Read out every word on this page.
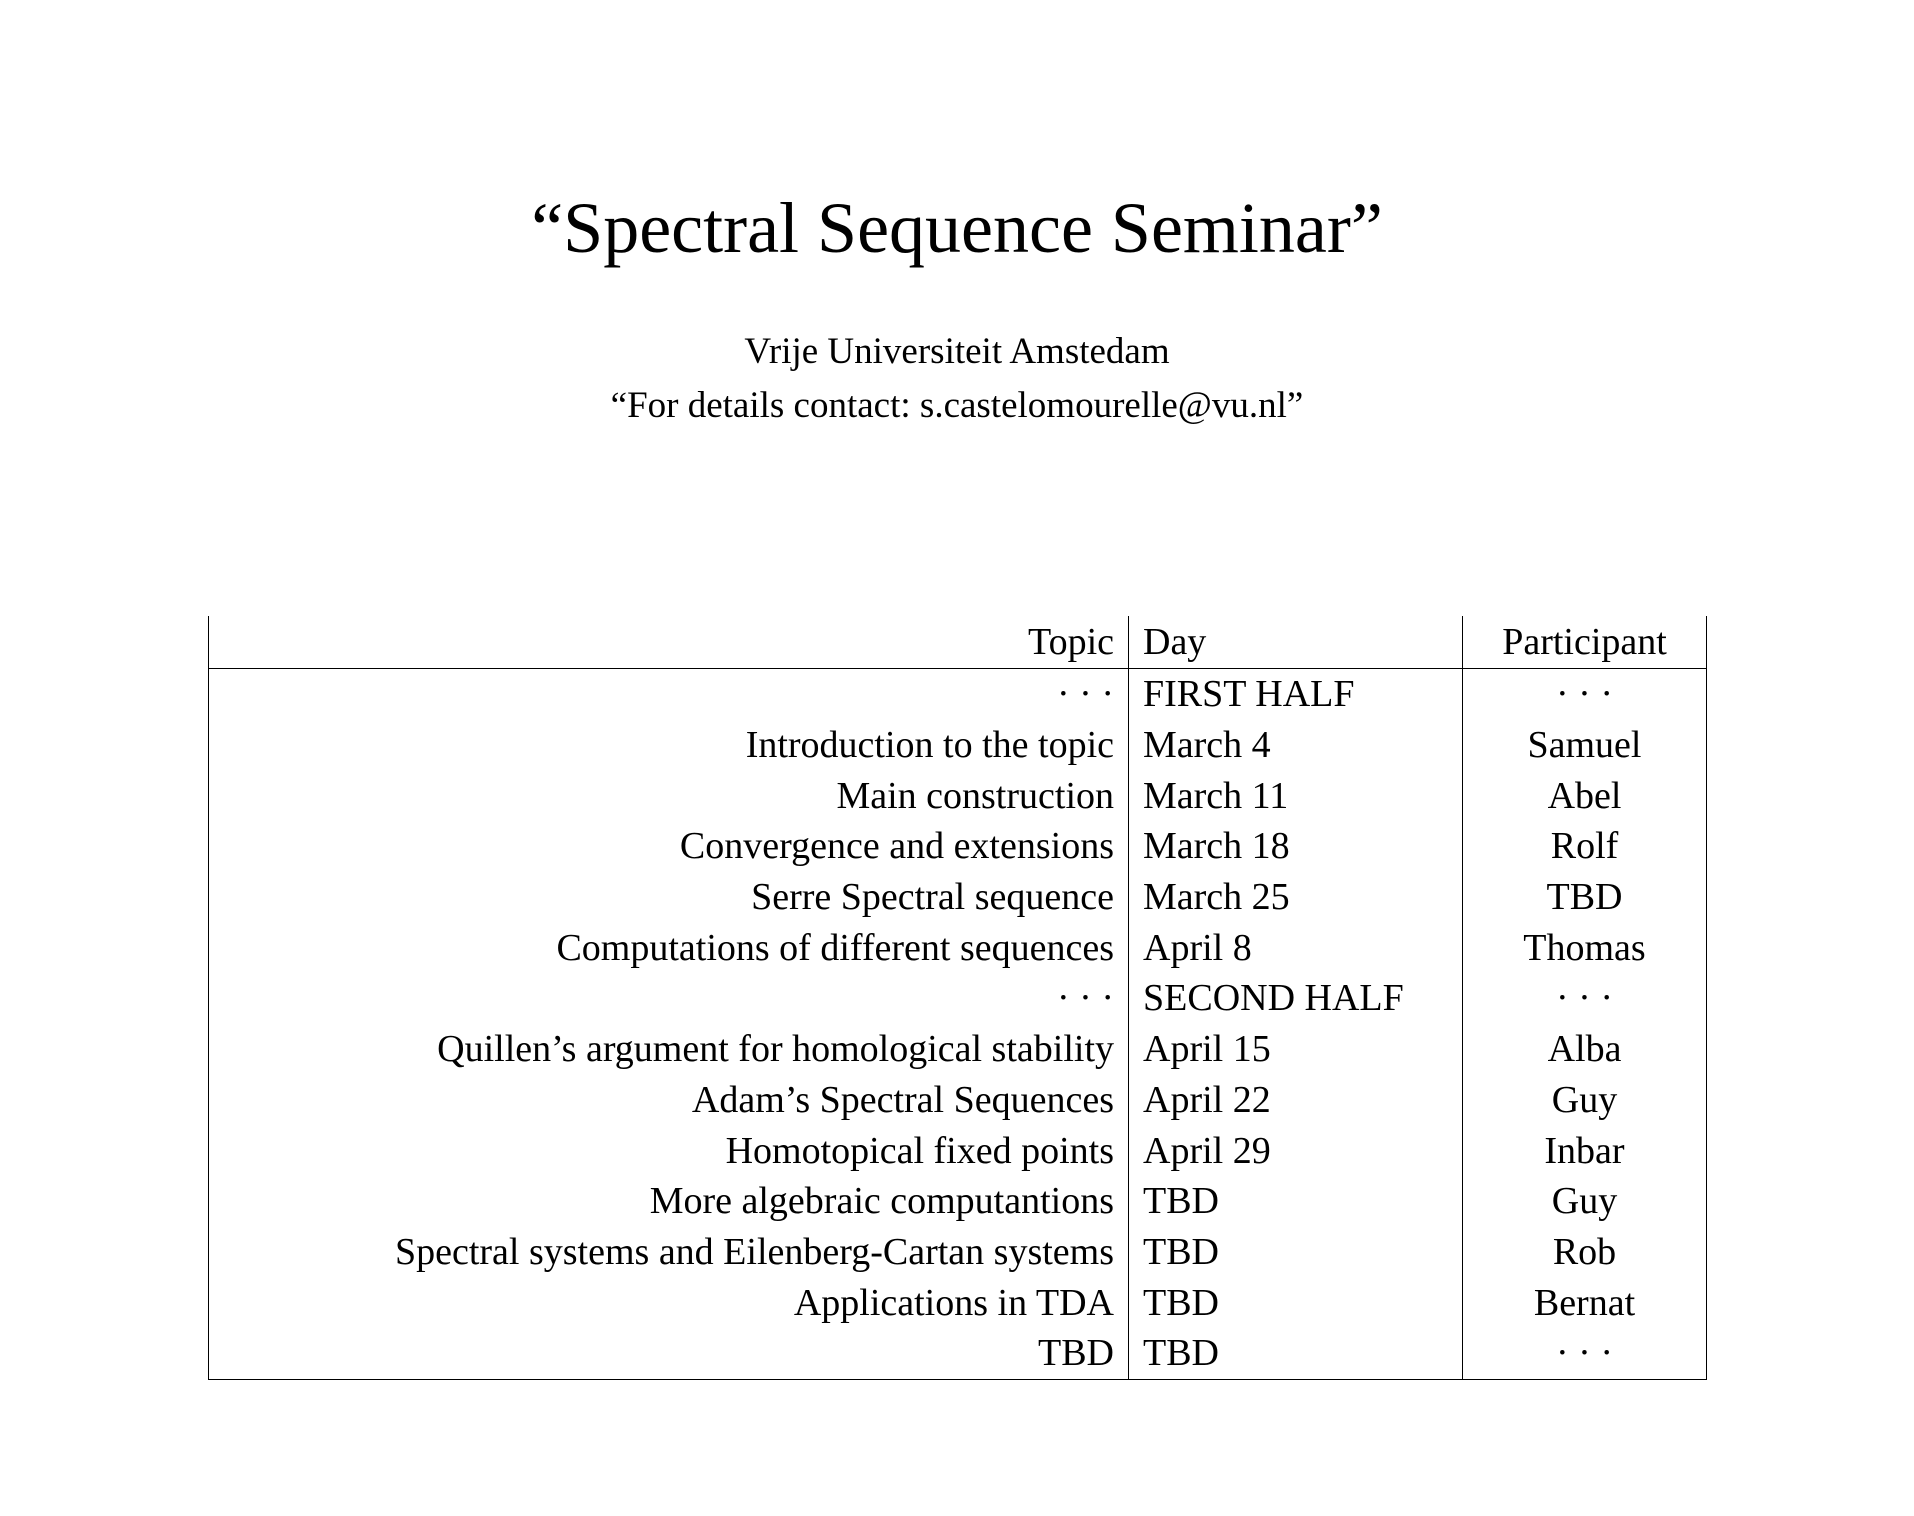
“Spectral Sequence Seminar”
Vrije Universiteit Amstedam
“For details contact: s.castelomourelle@vu.nl”
Topic	Day	Participant
· · ·	FIRST HALF	· · ·
Introduction to the topic	March 4	Samuel
Main construction	March 11	Abel
Convergence and extensions	March 18	Rolf
Serre Spectral sequence	March 25	TBD
Computations of different sequences	April 8	Thomas
· · ·	SECOND HALF	· · ·
Quillen’s argument for homological stability	April 15	Alba
Adam’s Spectral Sequences	April 22	Guy
Homotopical fixed points	April 29	Inbar
More algebraic computantions	TBD	Guy
Spectral systems and Eilenberg-Cartan systems	TBD	Rob
Applications in TDA	TBD	Bernat
TBD	TBD	· · ·
